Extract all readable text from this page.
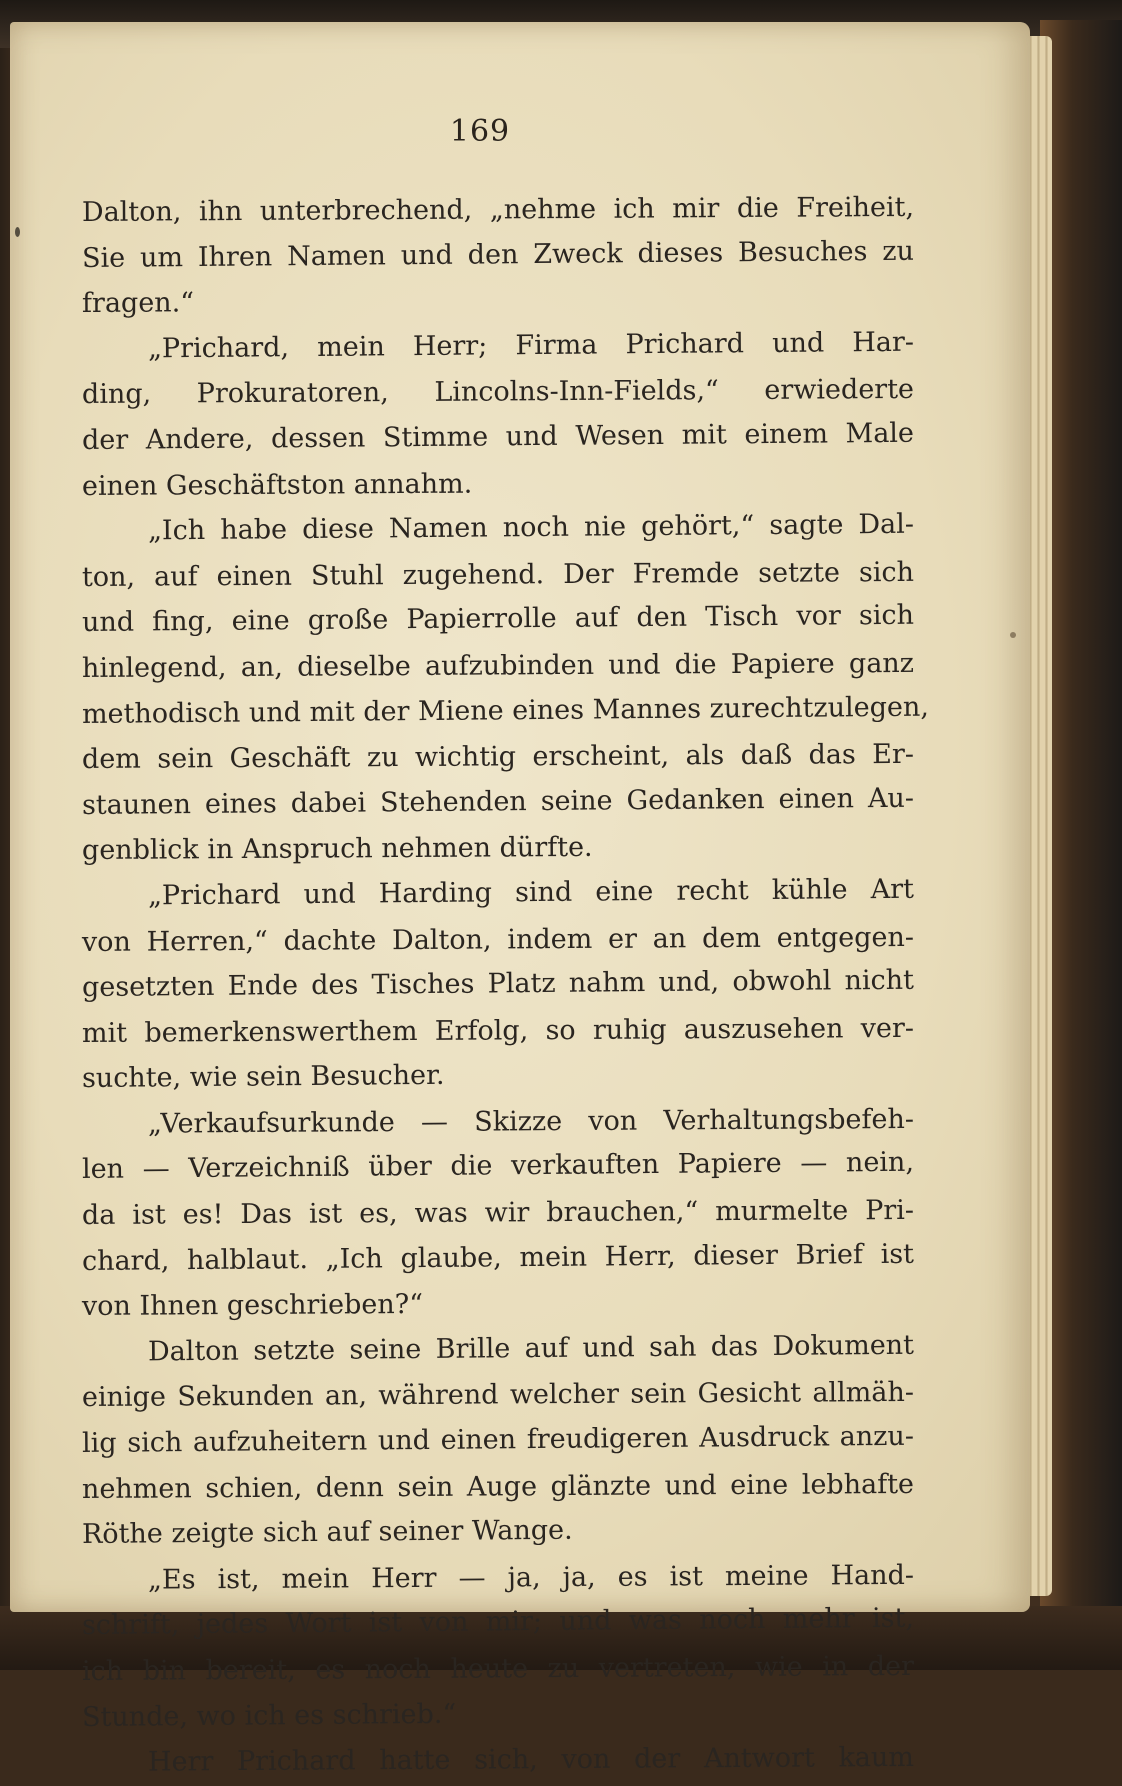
169
Dalton, ihn unterbrechend, „nehme ich mir die Freiheit,
Sie um Ihren Namen und den Zweck dieses Besuches zu
fragen.“
„Prichard, mein Herr; Firma Prichard und Har-
ding, Prokuratoren, Lincolns-Inn-Fields,“ erwiederte
der Andere, dessen Stimme und Wesen mit einem Male
einen Geschäftston annahm.
„Ich habe diese Namen noch nie gehört,“ sagte Dal-
ton, auf einen Stuhl zugehend. Der Fremde setzte sich
und fing, eine große Papierrolle auf den Tisch vor sich
hinlegend, an, dieselbe aufzubinden und die Papiere ganz
methodisch und mit der Miene eines Mannes zurechtzulegen,
dem sein Geschäft zu wichtig erscheint, als daß das Er-
staunen eines dabei Stehenden seine Gedanken einen Au-
genblick in Anspruch nehmen dürfte.
„Prichard und Harding sind eine recht kühle Art
von Herren,“ dachte Dalton, indem er an dem entgegen-
gesetzten Ende des Tisches Platz nahm und, obwohl nicht
mit bemerkenswerthem Erfolg, so ruhig auszusehen ver-
suchte, wie sein Besucher.
„Verkaufsurkunde — Skizze von Verhaltungsbefeh-
len — Verzeichniß über die verkauften Papiere — nein,
da ist es! Das ist es, was wir brauchen,“ murmelte Pri-
chard, halblaut. „Ich glaube, mein Herr, dieser Brief ist
von Ihnen geschrieben?“
Dalton setzte seine Brille auf und sah das Dokument
einige Sekunden an, während welcher sein Gesicht allmäh-
lig sich aufzuheitern und einen freudigeren Ausdruck anzu-
nehmen schien, denn sein Auge glänzte und eine lebhafte
Röthe zeigte sich auf seiner Wange.
„Es ist, mein Herr — ja, ja, es ist meine Hand-
schrift, jedes Wort ist von mir; und was noch mehr ist,
ich bin bereit, es noch heute zu vertreten, wie in der
Stunde, wo ich es schrieb.“
Herr Prichard hatte sich, von der Antwort kaum
